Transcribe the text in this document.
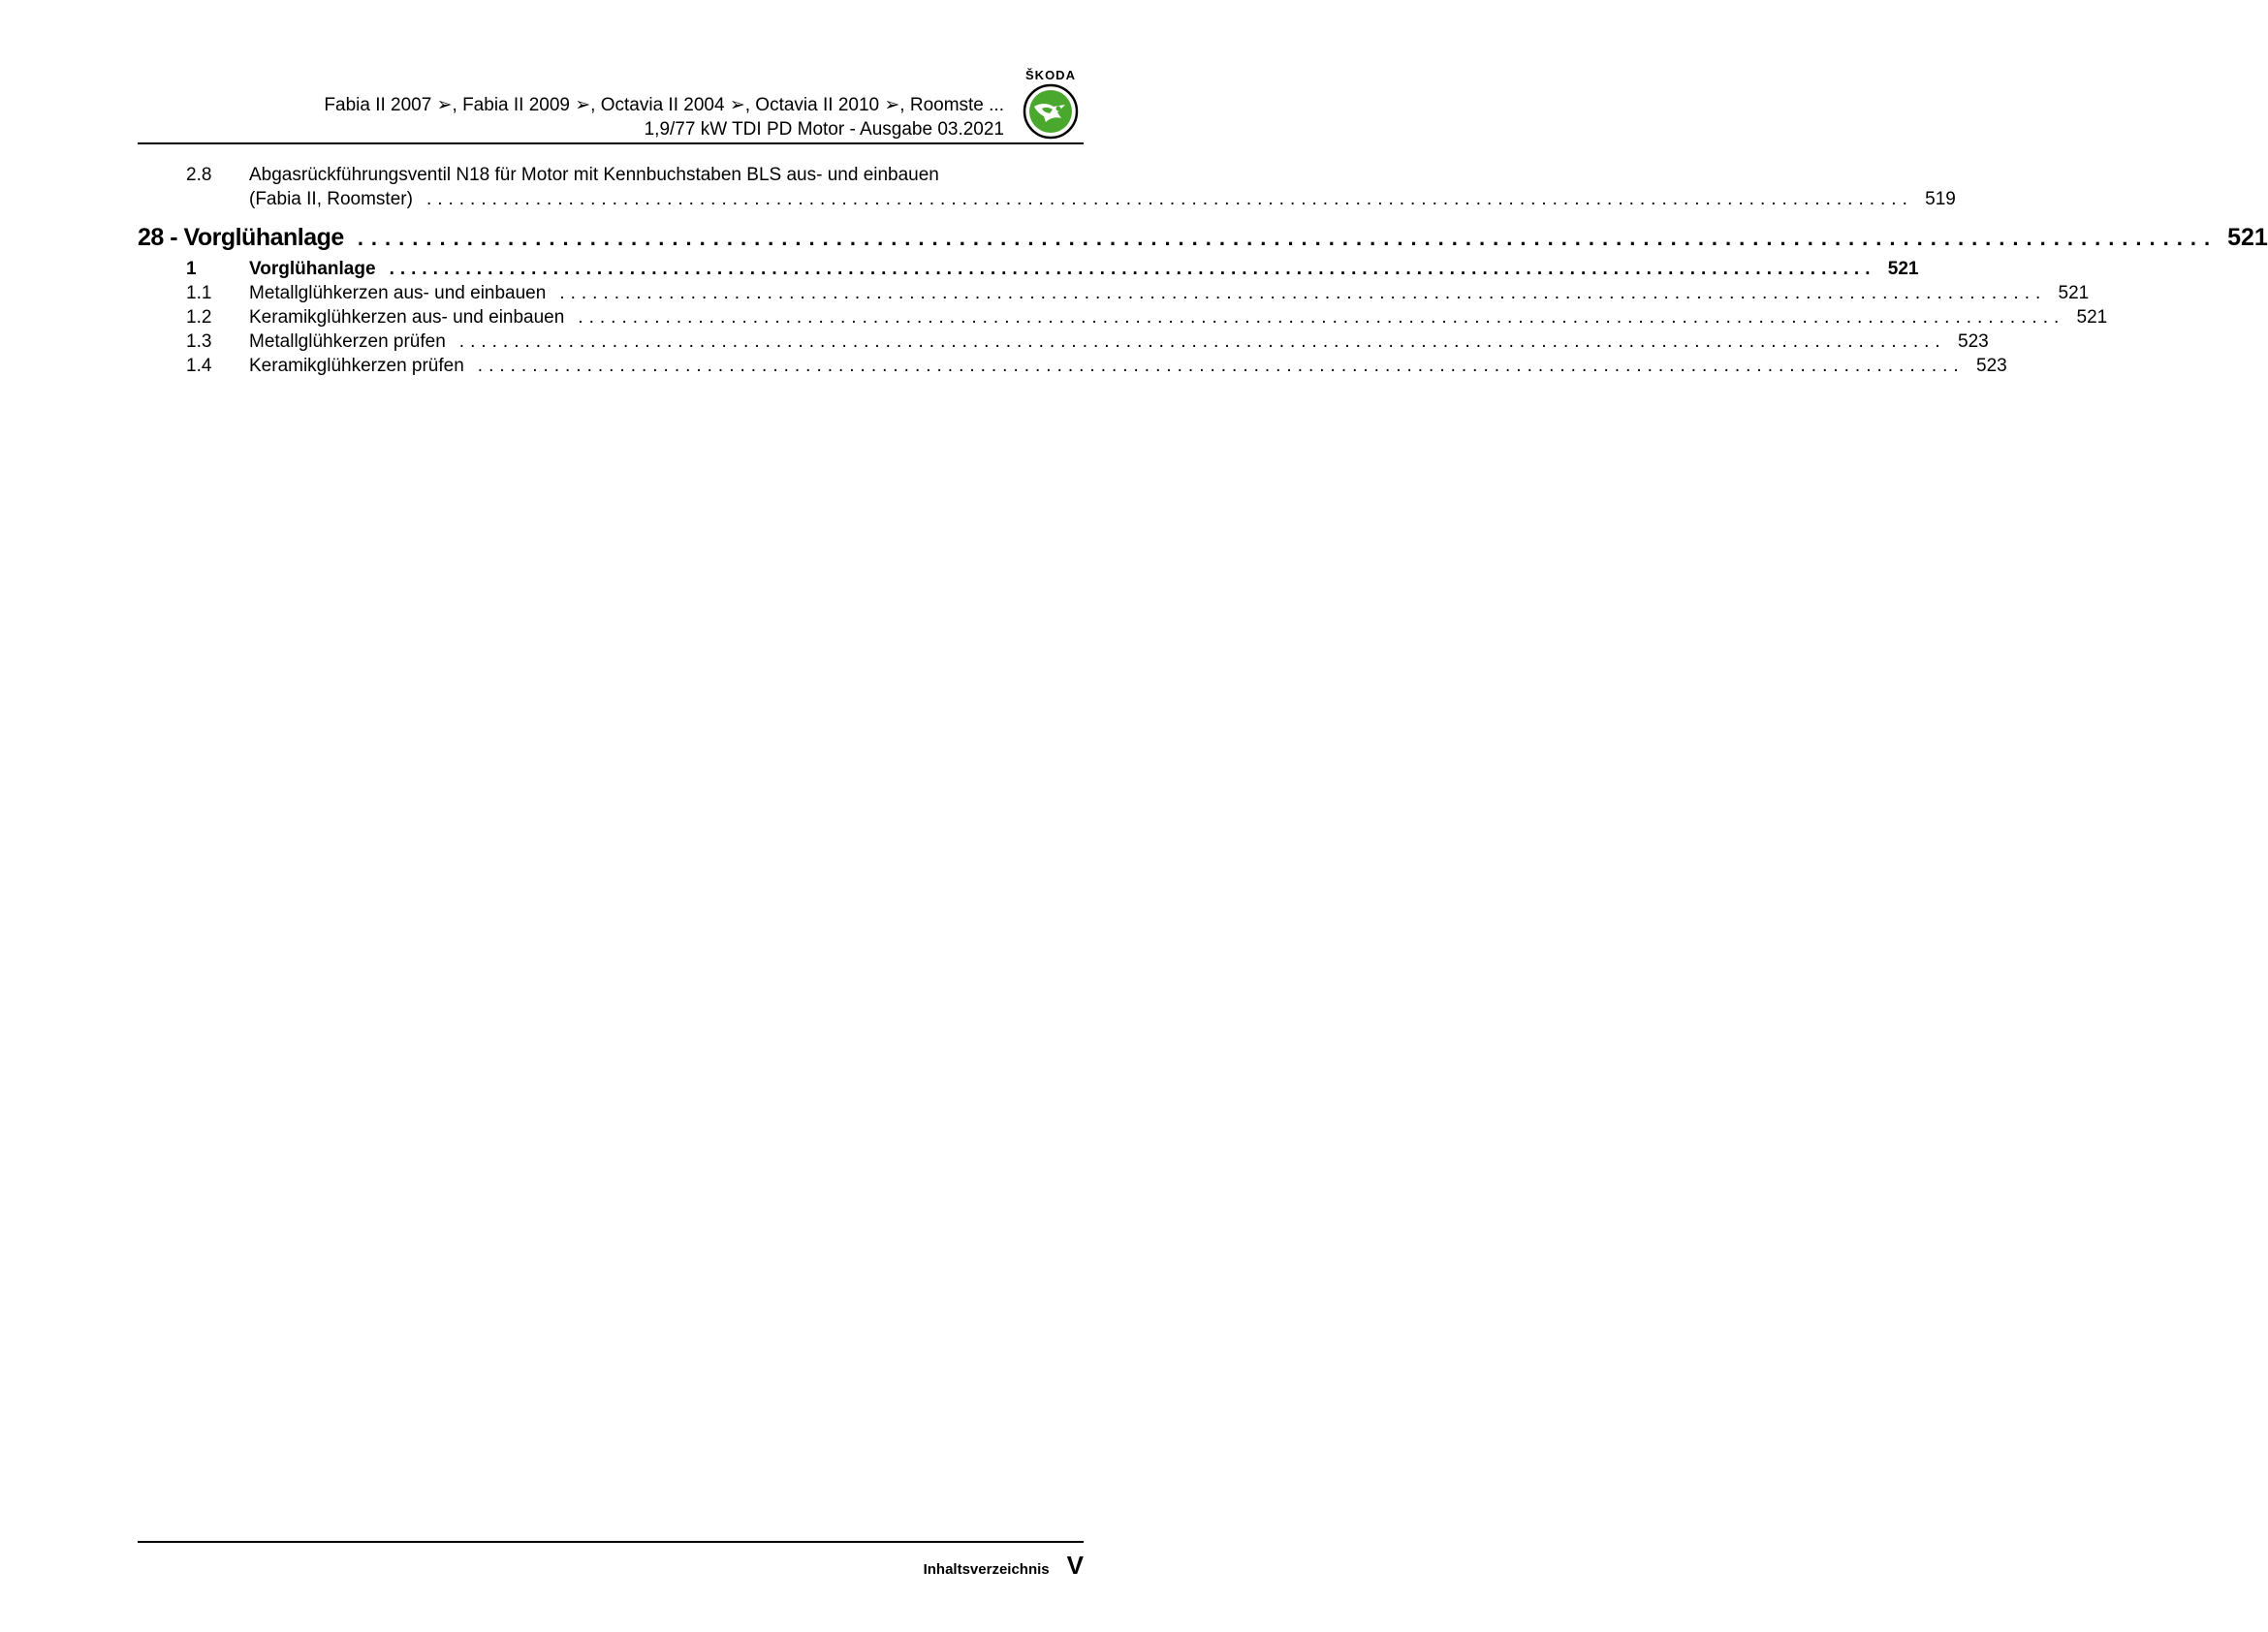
Fabia II 2007 ➢, Fabia II 2009 ➢, Octavia II 2004 ➢, Octavia II 2010 ➢, Roomste ...
1,9/77 kW TDI PD Motor - Ausgabe 03.2021
ŠKODA
2.8 Abgasrückführungsventil N18 für Motor mit Kennbuchstaben BLS aus- und einbauen
(Fabia II, Roomster) ........................................................................................................................................ 519
28 - Vorglühanlage ........................................................................................................................................ 521
1	Vorglühanlage ........................................................................................................................................ 521
1.1 Metallglühkerzen aus- und einbauen ........................................................................................................................................ 521
1.2 Keramikglühkerzen aus- und einbauen ........................................................................................................................................ 521
1.3 Metallglühkerzen prüfen ........................................................................................................................................ 523
1.4 Keramikglühkerzen prüfen ........................................................................................................................................ 523
Inhaltsverzeichnis V
